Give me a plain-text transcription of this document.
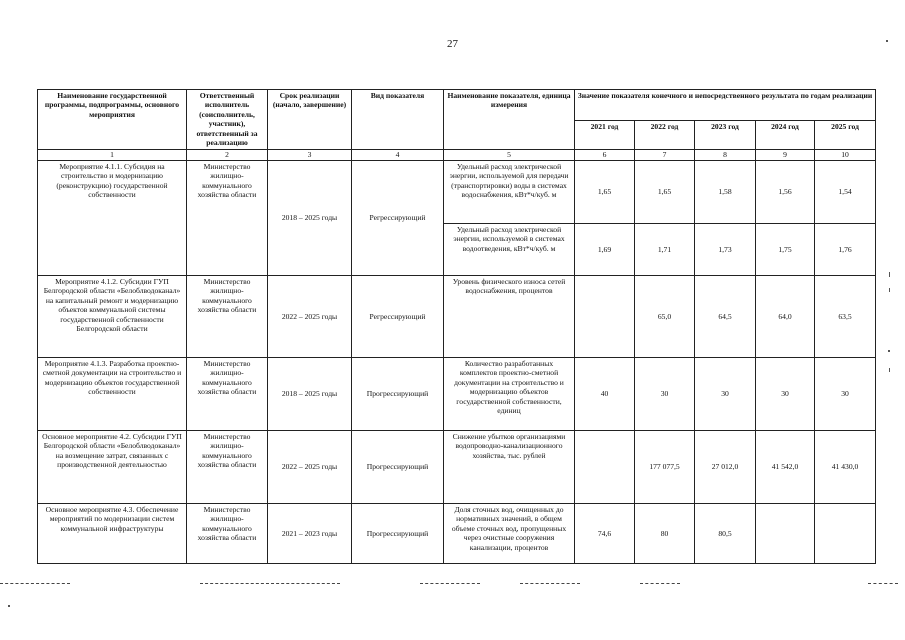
27
Наименование государственной программы, подпрограммы, основного мероприятия	Ответственный исполнитель (соисполнитель, участник), ответственный за реализацию	Срок реализации (начало, завершение)	Вид показателя	Наименование показателя, единица измерения	Значение показателя конечного и непосредственного результата по годам реализации				
					2021 год	2022 год	2023 год	2024 год	2025 год
1	2	3	4	5	6	7	8	9	10
Мероприятие 4.1.1. Субсидия на строительство и модернизацию (реконструкцию) государственной собственности	Министерство жилищно-коммунального хозяйства области	2018 – 2025 годы	Регрессирующий	Удельный расход электрической энергии, используемой для передачи (транспортировки) воды в системах водоснабжения, кВт*ч/куб. м	1,65	1,65	1,58	1,56	1,54
				Удельный расход электрической энергии, используемой в системах водоотведения, кВт*ч/куб. м	1,69	1,71	1,73	1,75	1,76
Мероприятие 4.1.2. Субсидии ГУП Белгородской области «Белоблводоканал» на капитальный ремонт и модернизацию объектов коммунальной системы государственной собственности Белгородской области	Министерство жилищно-коммунального хозяйства области	2022 – 2025 годы	Регрессирующий	Уровень физического износа сетей водоснабжения, процентов		65,0	64,5	64,0	63,5
Мероприятие 4.1.3. Разработка проектно-сметной документации на строительство и модернизацию объектов государственной собственности	Министерство жилищно-коммунального хозяйства области	2018 – 2025 годы	Прогрессирующий	Количество разработанных комплектов проектно-сметной документации на строительство и модернизацию объектов государственной собственности, единиц	40	30	30	30	30
Основное мероприятие 4.2. Субсидии ГУП Белгородской области «Белоблводоканал» на возмещение затрат, связанных с производственной деятельностью	Министерство жилищно-коммунального хозяйства области	2022 – 2025 годы	Прогрессирующий	Снижение убытков организациями водопроводно-канализационного хозяйства, тыс. рублей		177 077,5	27 012,0	41 542,0	41 430,0
Основное мероприятие 4.3. Обеспечение мероприятий по модернизации систем коммунальной инфраструктуры	Министерство жилищно-коммунального хозяйства области	2021 – 2023 годы	Прогрессирующий	Доля сточных вод, очищенных до нормативных значений, в общем объеме сточных вод, пропущенных через очистные сооружения канализации, процентов	74,6	80	80,5		
